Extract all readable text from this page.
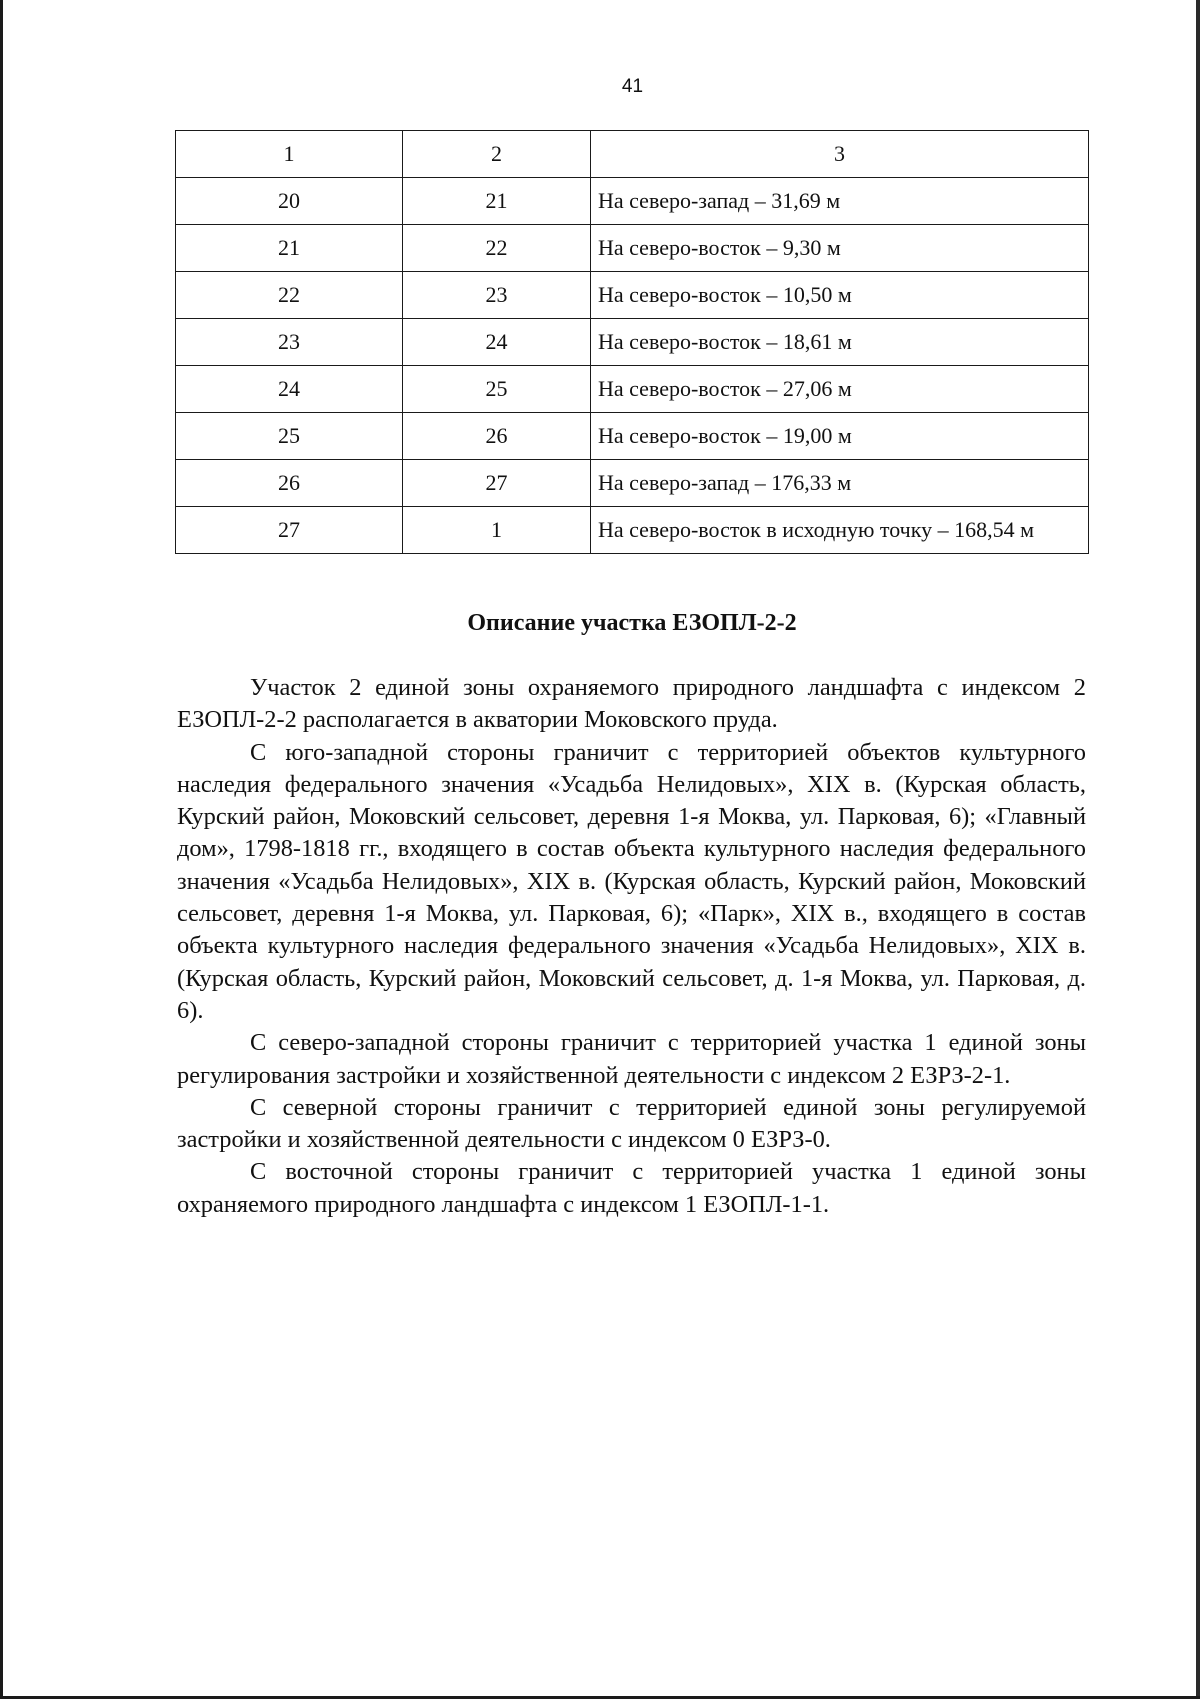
41
1	2	3
20	21	На северо-запад – 31,69 м
21	22	На северо-восток – 9,30 м
22	23	На северо-восток – 10,50 м
23	24	На северо-восток – 18,61 м
24	25	На северо-восток – 27,06 м
25	26	На северо-восток – 19,00 м
26	27	На северо-запад – 176,33 м
27	1	На северо-восток в исходную точку – 168,54 м
Описание участка ЕЗОПЛ-2-2

Участок 2 единой зоны охраняемого природного ландшафта с индексом 2 ЕЗОПЛ-2-2 располагается в акватории Моковского пруда.

С юго-западной стороны граничит с территорией объектов культурного наследия федерального значения «Усадьба Нелидовых», XIX в. (Курская область, Курский район, Моковский сельсовет, деревня 1-я Моква, ул. Парковая, 6); «Главный дом», 1798-1818 гг., входящего в состав объекта культурного наследия федерального значения «Усадьба Нелидовых», XIX в. (Курская область, Курский район, Моковский сельсовет, деревня 1-я Моква, ул. Парковая, 6); «Парк», XIX в., входящего в состав объекта культурного наследия федерального значения «Усадьба Нелидовых», XIX в. (Курская область, Курский район, Моковский сельсовет, д. 1-я Моква, ул. Парковая, д. 6).

С северо-западной стороны граничит с территорией участка 1 единой зоны регулирования застройки и хозяйственной деятельности с индексом 2 ЕЗРЗ-2-1.

С северной стороны граничит с территорией единой зоны регулируемой застройки и хозяйственной деятельности с индексом 0 ЕЗРЗ-0.

С восточной стороны граничит с территорией участка 1 единой зоны охраняемого природного ландшафта с индексом 1 ЕЗОПЛ-1-1.
